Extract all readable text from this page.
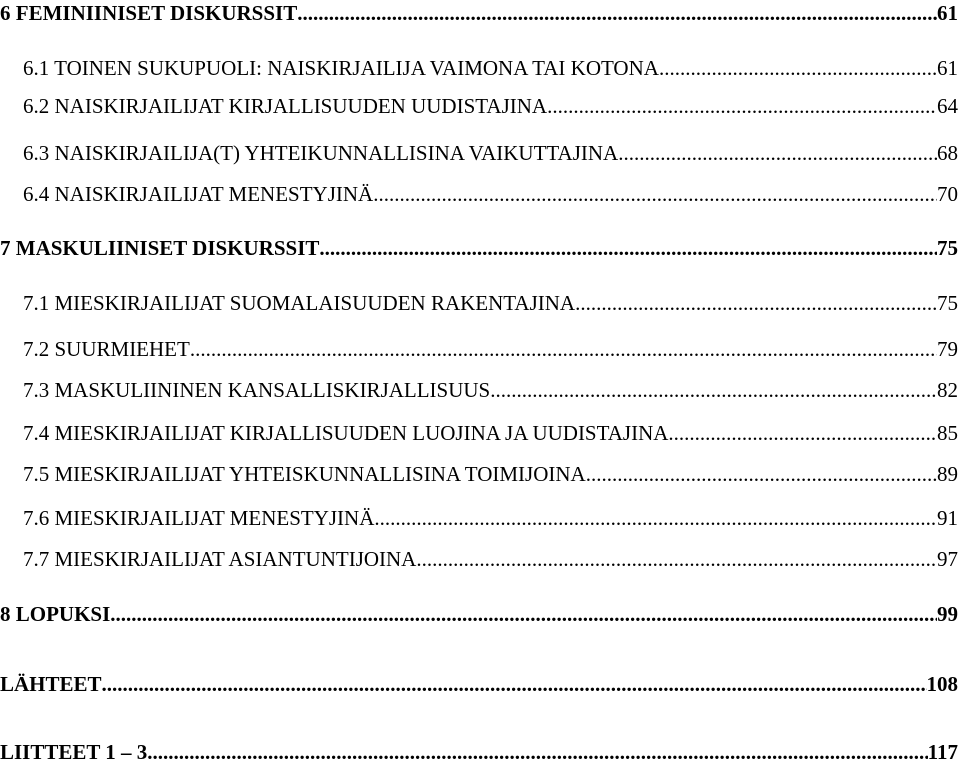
6 FEMINIINISET DISKURSSIT .....	61
6.1 TOINEN SUKUPUOLI: NAISKIRJAILIJA VAIMONA TAI KOTONA .....	61
6.2 NAISKIRJAILIJAT KIRJALLISUUDEN UUDISTAJINA .....	64
6.3 NAISKIRJAILIJA(T) YHTEIKUNNALLISINA VAIKUTTAJINA .....	68
6.4 NAISKIRJAILIJAT MENESTYJINÄ .....	70
7 MASKULIINISET DISKURSSIT .....	75
7.1 MIESKIRJAILIJAT SUOMALAISUUDEN RAKENTAJINA .....	75
7.2 SUURMIEHET .....	79
7.3 MASKULIININEN KANSALLISKIRJALLISUUS .....	82
7.4 MIESKIRJAILIJAT KIRJALLISUUDEN LUOJINA JA UUDISTAJINA .....	85
7.5 MIESKIRJAILIJAT YHTEISKUNNALLISINA TOIMIJOINA .....	89
7.6 MIESKIRJAILIJAT MENESTYJINÄ .....	91
7.7 MIESKIRJAILIJAT ASIANTUNTIJOINA .....	97
8 LOPUKSI .....	99
LÄHTEET .....	108
LIITTEET 1 – 3 .....	117
